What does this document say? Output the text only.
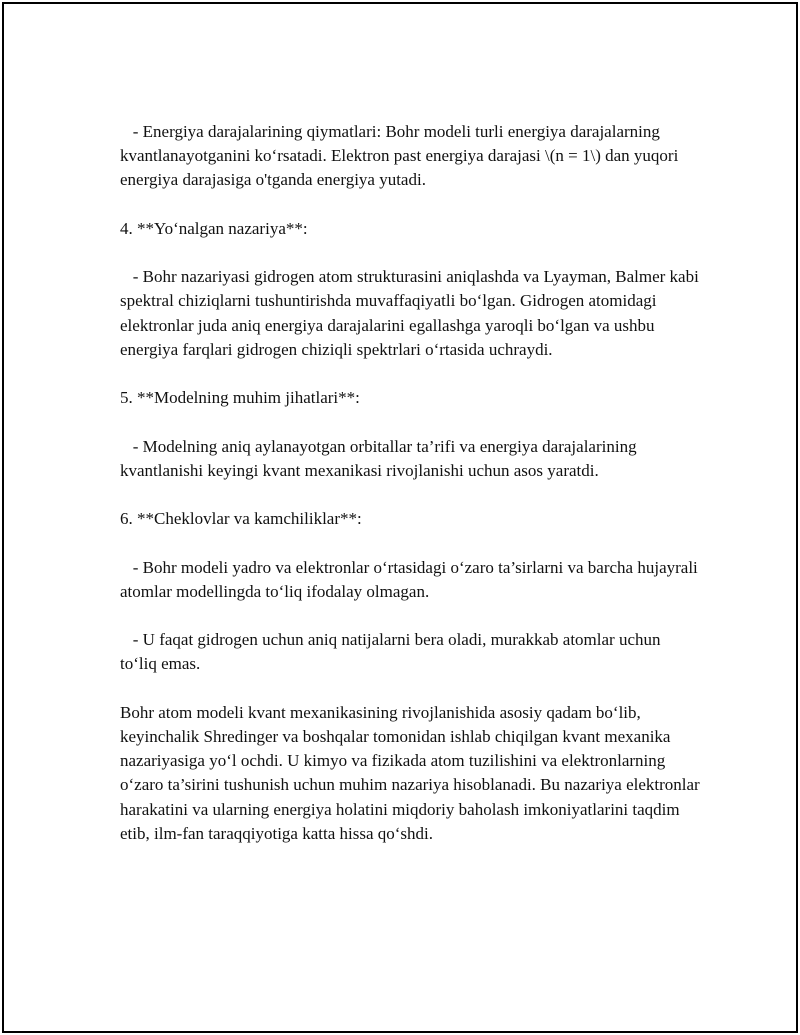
- Energiya darajalarining qiymatlari: Bohr modeli turli energiya darajalarning kvantlanayotganini ko‘rsatadi. Elektron past energiya darajasi \(n = 1\) dan yuqori energiya darajasiga o'tganda energiya yutadi.

4. **Yo‘nalgan nazariya**:

- Bohr nazariyasi gidrogen atom strukturasini aniqlashda va Lyayman, Balmer kabi spektral chiziqlarni tushuntirishda muvaffaqiyatli bo‘lgan. Gidrogen atomidagi elektronlar juda aniq energiya darajalarini egallashga yaroqli bo‘lgan va ushbu energiya farqlari gidrogen chiziqli spektrlari o‘rtasida uchraydi.

5. **Modelning muhim jihatlari**:

- Modelning aniq aylanayotgan orbitallar ta’rifi va energiya darajalarining kvantlanishi keyingi kvant mexanikasi rivojlanishi uchun asos yaratdi.

6. **Cheklovlar va kamchiliklar**:

- Bohr modeli yadro va elektronlar o‘rtasidagi o‘zaro ta’sirlarni va barcha hujayrali atomlar modellingda to‘liq ifodalay olmagan.

- U faqat gidrogen uchun aniq natijalarni bera oladi, murakkab atomlar uchun to‘liq emas.

Bohr atom modeli kvant mexanikasining rivojlanishida asosiy qadam bo‘lib, keyinchalik Shredinger va boshqalar tomonidan ishlab chiqilgan kvant mexanika nazariyasiga yo‘l ochdi. U kimyo va fizikada atom tuzilishini va elektronlarning o‘zaro ta’sirini tushunish uchun muhim nazariya hisoblanadi. Bu nazariya elektronlar harakatini va ularning energiya holatini miqdoriy baholash imkoniyatlarini taqdim etib, ilm-fan taraqqiyotiga katta hissa qo‘shdi.
